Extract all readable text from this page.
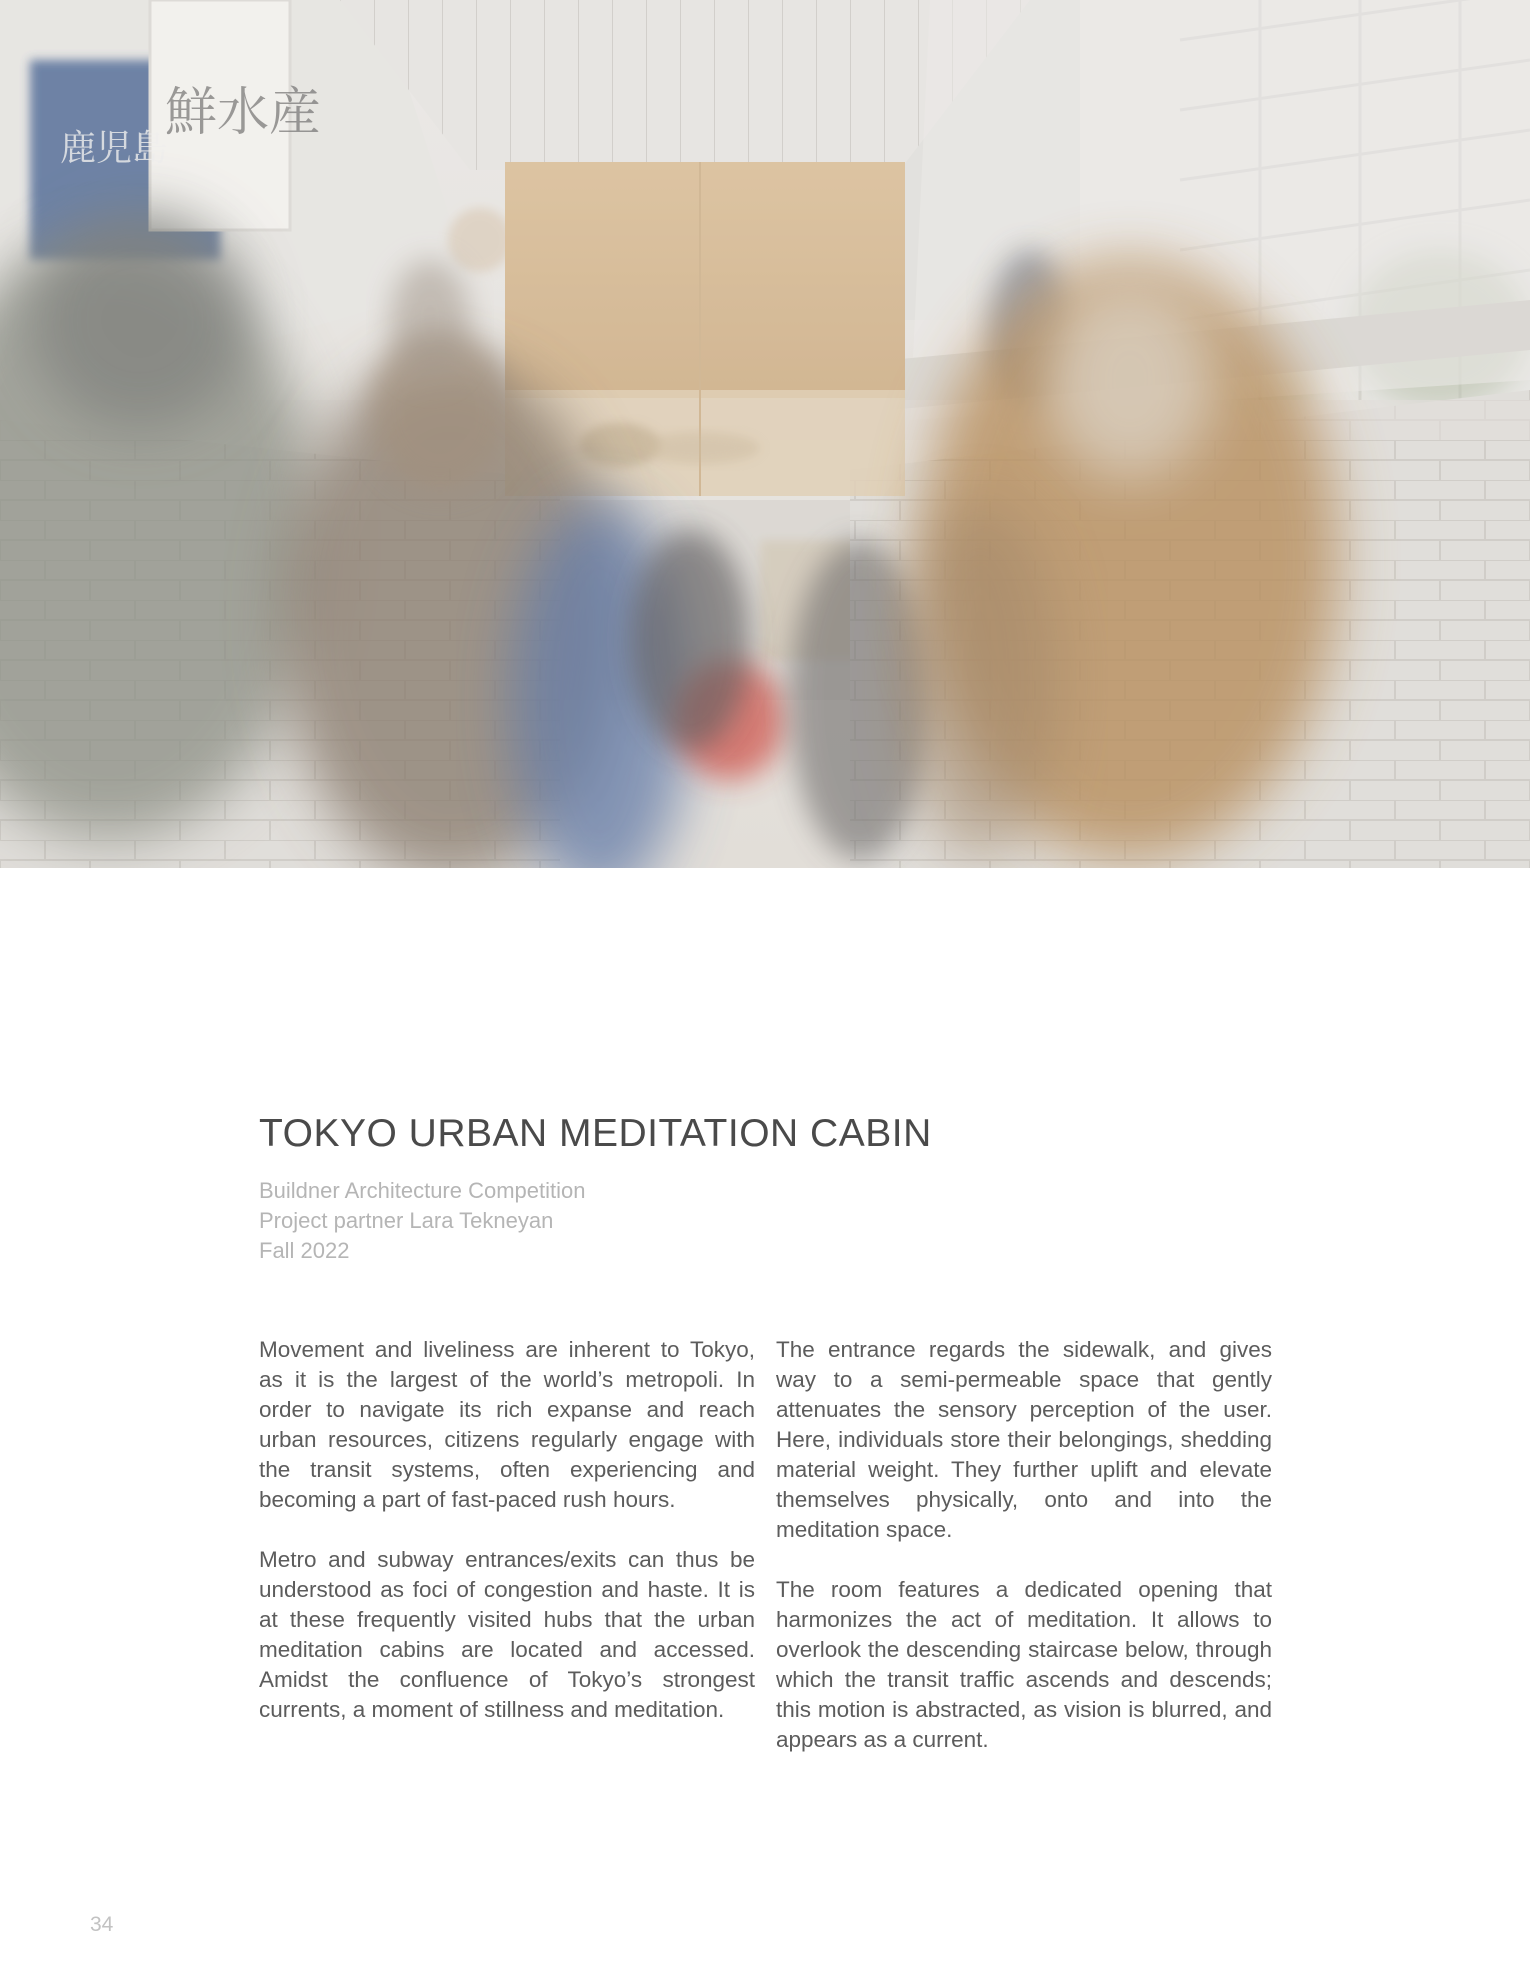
鮮水産
鹿児島
TOKYO URBAN MEDITATION CABIN
Buildner Architecture Competition
Project partner Lara Tekneyan
Fall 2022

Movement and liveliness are inherent to Tokyo, as it is the largest of the world’s metropoli. In order to navigate its rich expanse and reach urban resources, citizens regularly engage with the transit systems, often experiencing and becoming a part of fast-paced rush hours.

Metro and subway entrances/exits can thus be understood as foci of congestion and haste. It is at these frequently visited hubs that the urban meditation cabins are located and accessed. Amidst the confluence of Tokyo’s strongest currents, a moment of stillness and meditation.

The entrance regards the sidewalk, and gives way to a semi-permeable space that gently attenuates the sensory perception of the user. Here, individuals store their belongings, shedding material weight. They further uplift and elevate themselves physically, onto and into the meditation space.

The room features a dedicated opening that harmonizes the act of meditation. It allows to overlook the descending staircase below, through which the transit traffic ascends and descends; this motion is abstracted, as vision is blurred, and appears as a current.

34
